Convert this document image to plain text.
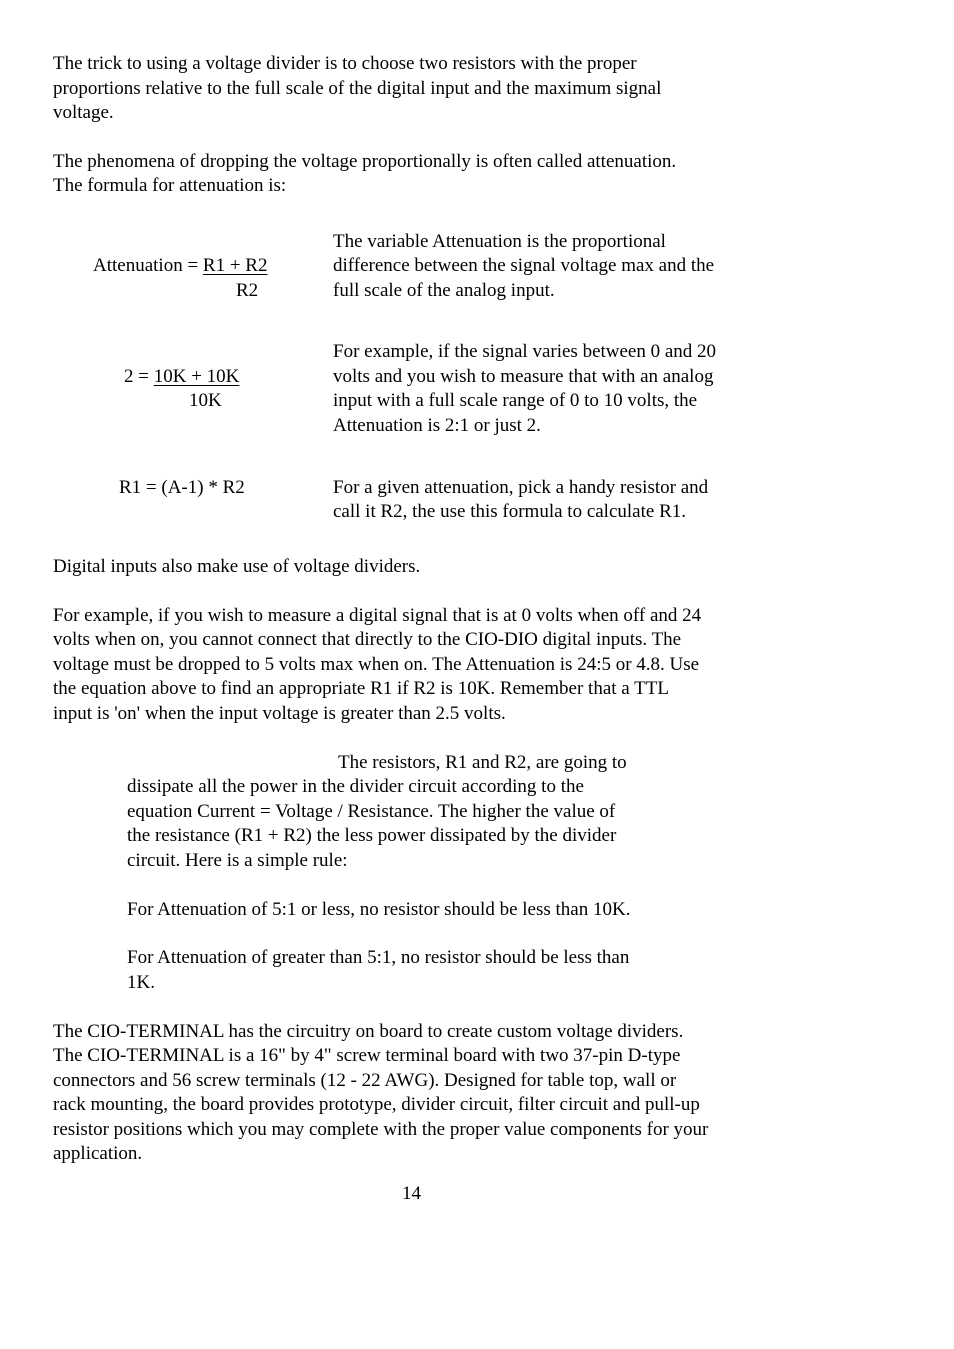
The trick to using a voltage divider is to choose two resistors with the proper
proportions relative to the full scale of the digital input and the maximum signal
voltage.
The phenomena of dropping the voltage proportionally is often called attenuation.
The formula for attenuation is:
Attenuation = R1 + R2
R2
The variable Attenuation is the proportional
difference between the signal voltage max and the
full scale of the analog input.
2 = 10K + 10K
10K
For example, if the signal varies between 0 and 20
volts and you wish to measure that with an analog
input with a full scale range of 0 to 10 volts, the
Attenuation is 2:1 or just 2.
R1 = (A-1) * R2	For a given attenuation, pick a handy resistor and
call it R2, the use this formula to calculate R1.
Digital inputs also make use of voltage dividers.
For example, if you wish to measure a digital signal that is at 0 volts when off and 24
volts when on, you cannot connect that directly to the CIO-DIO digital inputs. The
voltage must be dropped to 5 volts max when on. The Attenuation is 24:5 or 4.8. Use
the equation above to find an appropriate R1 if R2 is 10K. Remember that a TTL
input is 'on' when the input voltage is greater than 2.5 volts.
The resistors, R1 and R2, are going to
dissipate all the power in the divider circuit according to the
equation Current = Voltage / Resistance. The higher the value of
the resistance (R1 + R2) the less power dissipated by the divider
circuit. Here is a simple rule:
For Attenuation of 5:1 or less, no resistor should be less than 10K.
For Attenuation of greater than 5:1, no resistor should be less than
1K.
The CIO-TERMINAL has the circuitry on board to create custom voltage dividers.
The CIO-TERMINAL is a 16" by 4" screw terminal board with two 37-pin D-type
connectors and 56 screw terminals (12 - 22 AWG). Designed for table top, wall or
rack mounting, the board provides prototype, divider circuit, filter circuit and pull-up
resistor positions which you may complete with the proper value components for your
application.
14
